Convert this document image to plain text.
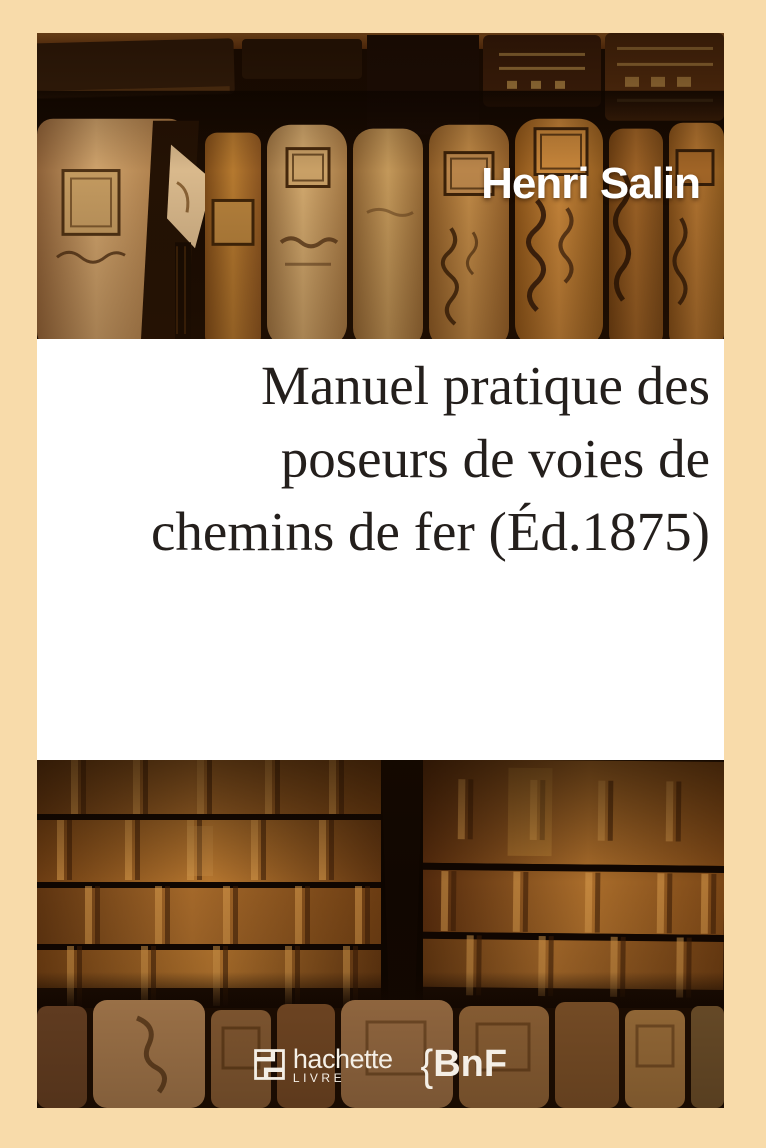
Henri Salin
Manuel pratique des
poseurs de voies de
chemins de fer (Éd.1875)
hachette
LIVRE	{ BnF
